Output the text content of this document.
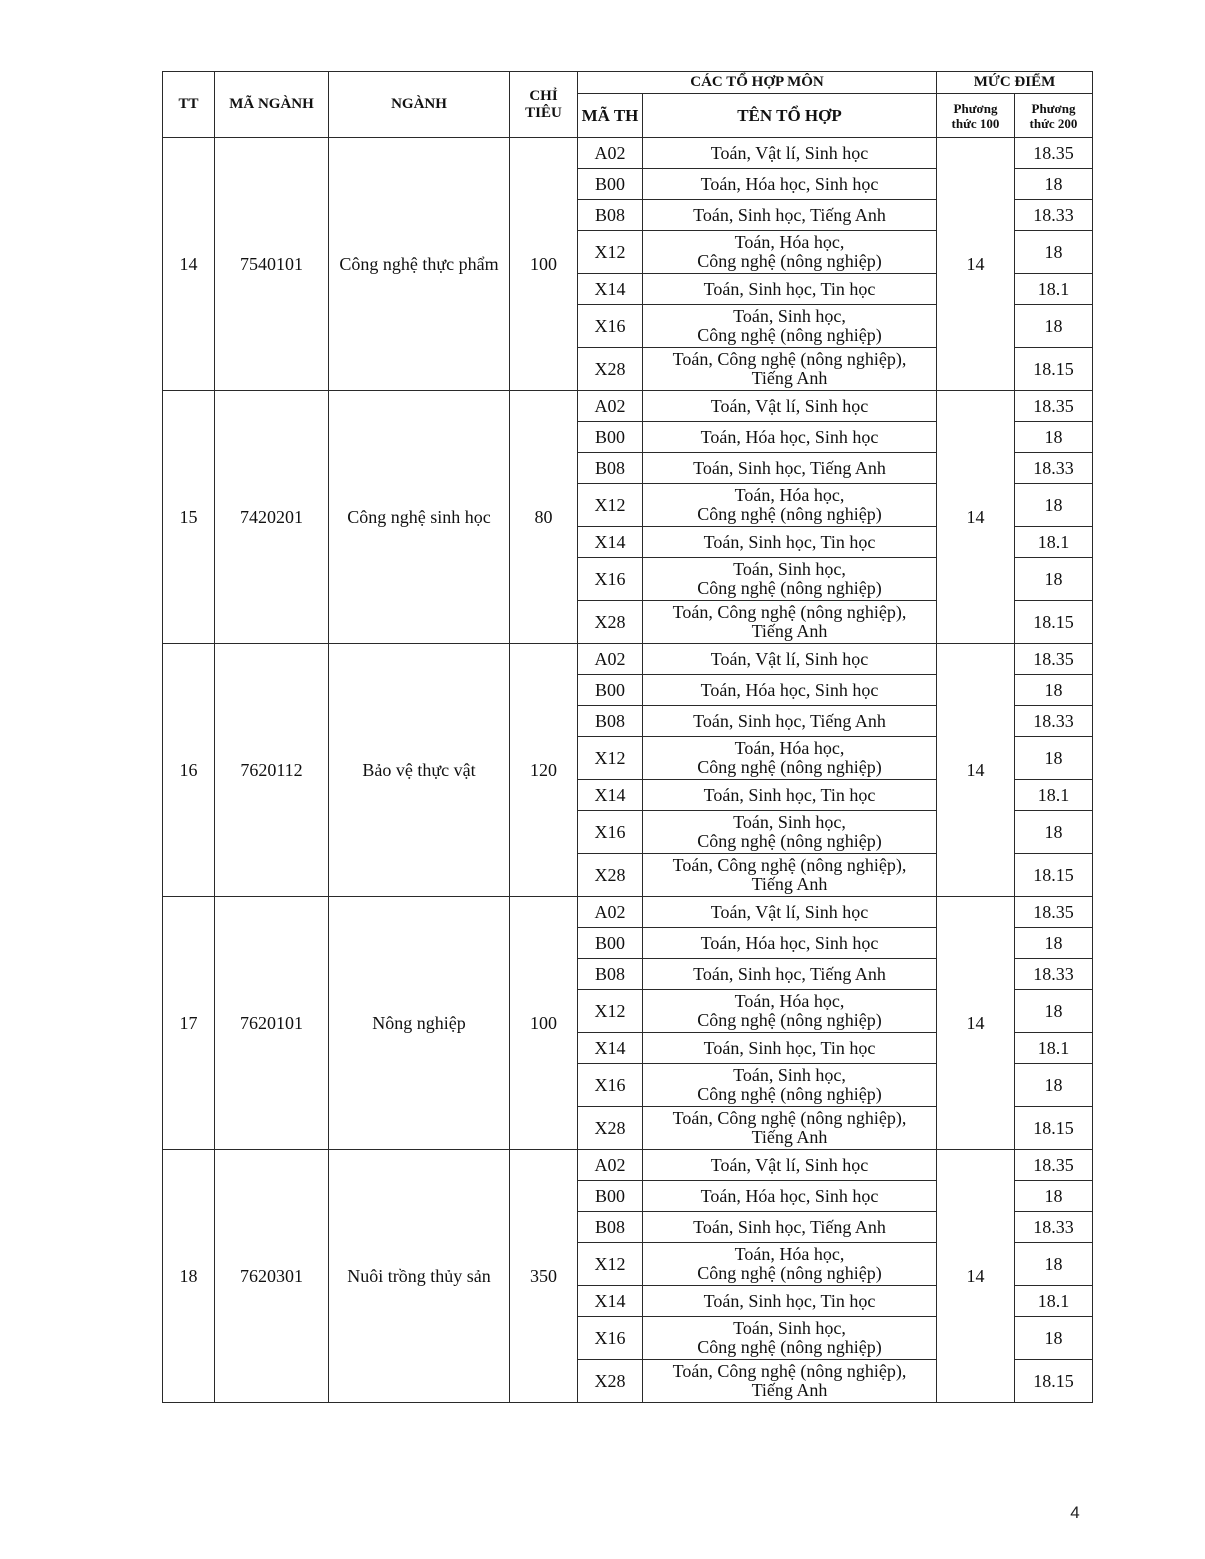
TT	MÃ NGÀNH	NGÀNH	CHỈ TIÊU	CÁC TỔ HỢP MÔN		MỨC ĐIỂM	
				MÃ TH	TÊN TỔ HỢP	Phương thức 100	Phương thức 200
14	7540101	Công nghệ thực phẩm	100	A02	Toán, Vật lí, Sinh học	14	18.35
				B00	Toán, Hóa học, Sinh học		18
				B08	Toán, Sinh học, Tiếng Anh		18.33
				X12	Toán, Hóa học,
Công nghệ (nông nghiệp)		18
				X14	Toán, Sinh học, Tin học		18.1
				X16	Toán, Sinh học,
Công nghệ (nông nghiệp)		18
				X28	Toán, Công nghệ (nông nghiệp),
Tiếng Anh		18.15
15	7420201	Công nghệ sinh học	80	A02	Toán, Vật lí, Sinh học	14	18.35
				B00	Toán, Hóa học, Sinh học		18
				B08	Toán, Sinh học, Tiếng Anh		18.33
				X12	Toán, Hóa học,
Công nghệ (nông nghiệp)		18
				X14	Toán, Sinh học, Tin học		18.1
				X16	Toán, Sinh học,
Công nghệ (nông nghiệp)		18
				X28	Toán, Công nghệ (nông nghiệp),
Tiếng Anh		18.15
16	7620112	Bảo vệ thực vật	120	A02	Toán, Vật lí, Sinh học	14	18.35
				B00	Toán, Hóa học, Sinh học		18
				B08	Toán, Sinh học, Tiếng Anh		18.33
				X12	Toán, Hóa học,
Công nghệ (nông nghiệp)		18
				X14	Toán, Sinh học, Tin học		18.1
				X16	Toán, Sinh học,
Công nghệ (nông nghiệp)		18
				X28	Toán, Công nghệ (nông nghiệp),
Tiếng Anh		18.15
17	7620101	Nông nghiệp	100	A02	Toán, Vật lí, Sinh học	14	18.35
				B00	Toán, Hóa học, Sinh học		18
				B08	Toán, Sinh học, Tiếng Anh		18.33
				X12	Toán, Hóa học,
Công nghệ (nông nghiệp)		18
				X14	Toán, Sinh học, Tin học		18.1
				X16	Toán, Sinh học,
Công nghệ (nông nghiệp)		18
				X28	Toán, Công nghệ (nông nghiệp),
Tiếng Anh		18.15
18	7620301	Nuôi trồng thủy sản	350	A02	Toán, Vật lí, Sinh học	14	18.35
				B00	Toán, Hóa học, Sinh học		18
				B08	Toán, Sinh học, Tiếng Anh		18.33
				X12	Toán, Hóa học,
Công nghệ (nông nghiệp)		18
				X14	Toán, Sinh học, Tin học		18.1
				X16	Toán, Sinh học,
Công nghệ (nông nghiệp)		18
				X28	Toán, Công nghệ (nông nghiệp),
Tiếng Anh		18.15
4
